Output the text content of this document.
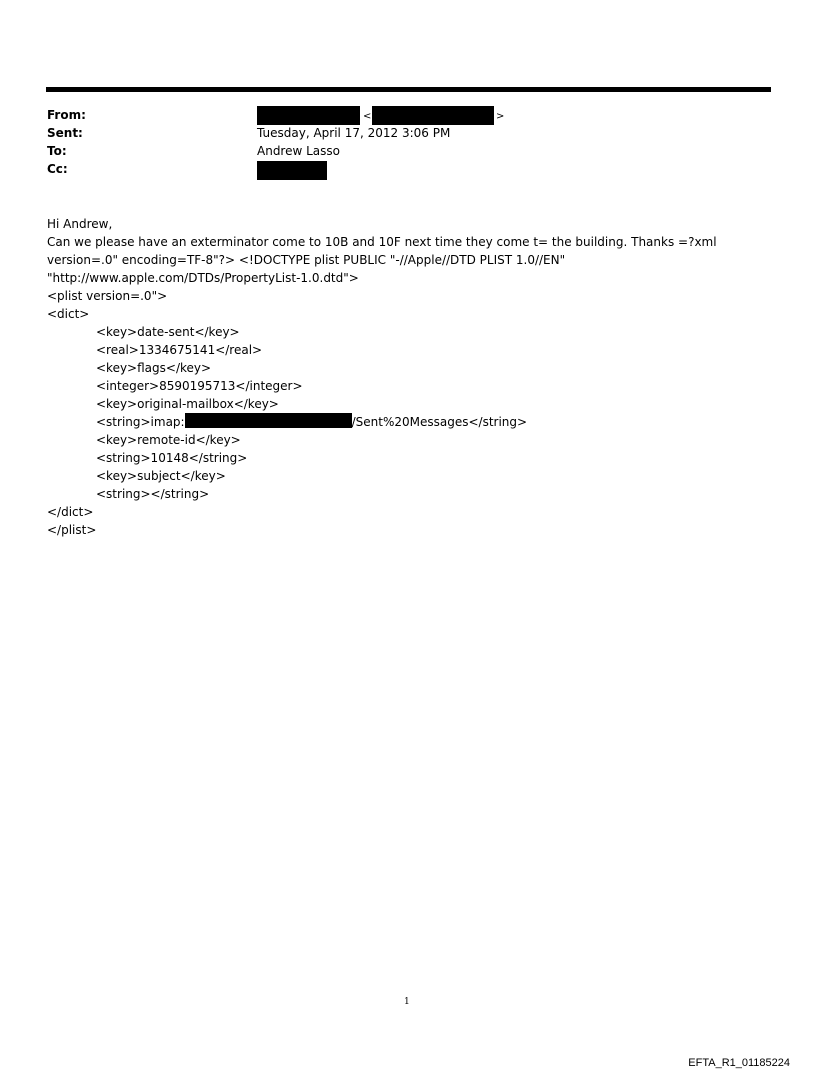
From:
Sent:
To:
Cc:
<	>
Tuesday, April 17, 2012 3:06 PM
Andrew Lasso
Hi Andrew,
Can we please have an exterminator come to 10B and 10F next time they come t= the building. Thanks =?xml
version=.0" encoding=TF-8"?> <!DOCTYPE plist PUBLIC "-//Apple//DTD PLIST 1.0//EN"
"http://www.apple.com/DTDs/PropertyList-1.0.dtd">
<plist version=.0">
<dict>
<key>date-sent</key>
<real>1334675141</real>
<key>flags</key>
<integer>8590195713</integer>
<key>original-mailbox</key>
<string>imap:	/Sent%20Messages</string>
<key>remote-id</key>
<string>10148</string>
<key>subject</key>
<string></string>
</dict>
</plist>
1
EFTA_R1_01185224
